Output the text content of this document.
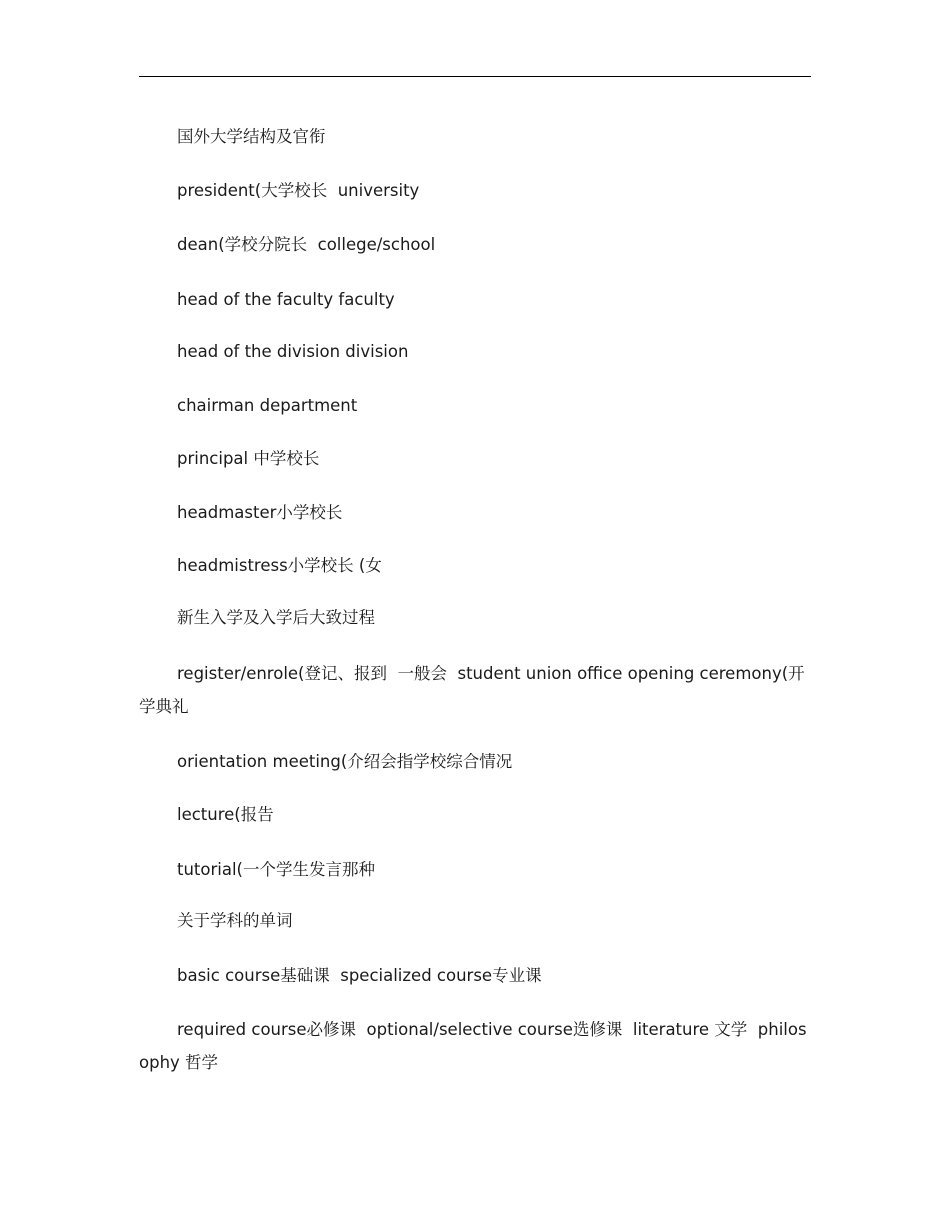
国外大学结构及官衔
president(大学校长  university
dean(学校分院长  college/school
head of the faculty faculty
head of the division division
chairman department
principal 中学校长
headmaster小学校长
headmistress小学校长 (女
新生入学及入学后大致过程
register/enrole(登记、报到  一般会  student union office opening ceremony(开学典礼
orientation meeting(介绍会指学校综合情况
lecture(报告
tutorial(一个学生发言那种
关于学科的单词
basic course基础课  specialized course专业课
required course必修课  optional/selective course选修课  literature 文学  philosophy 哲学
